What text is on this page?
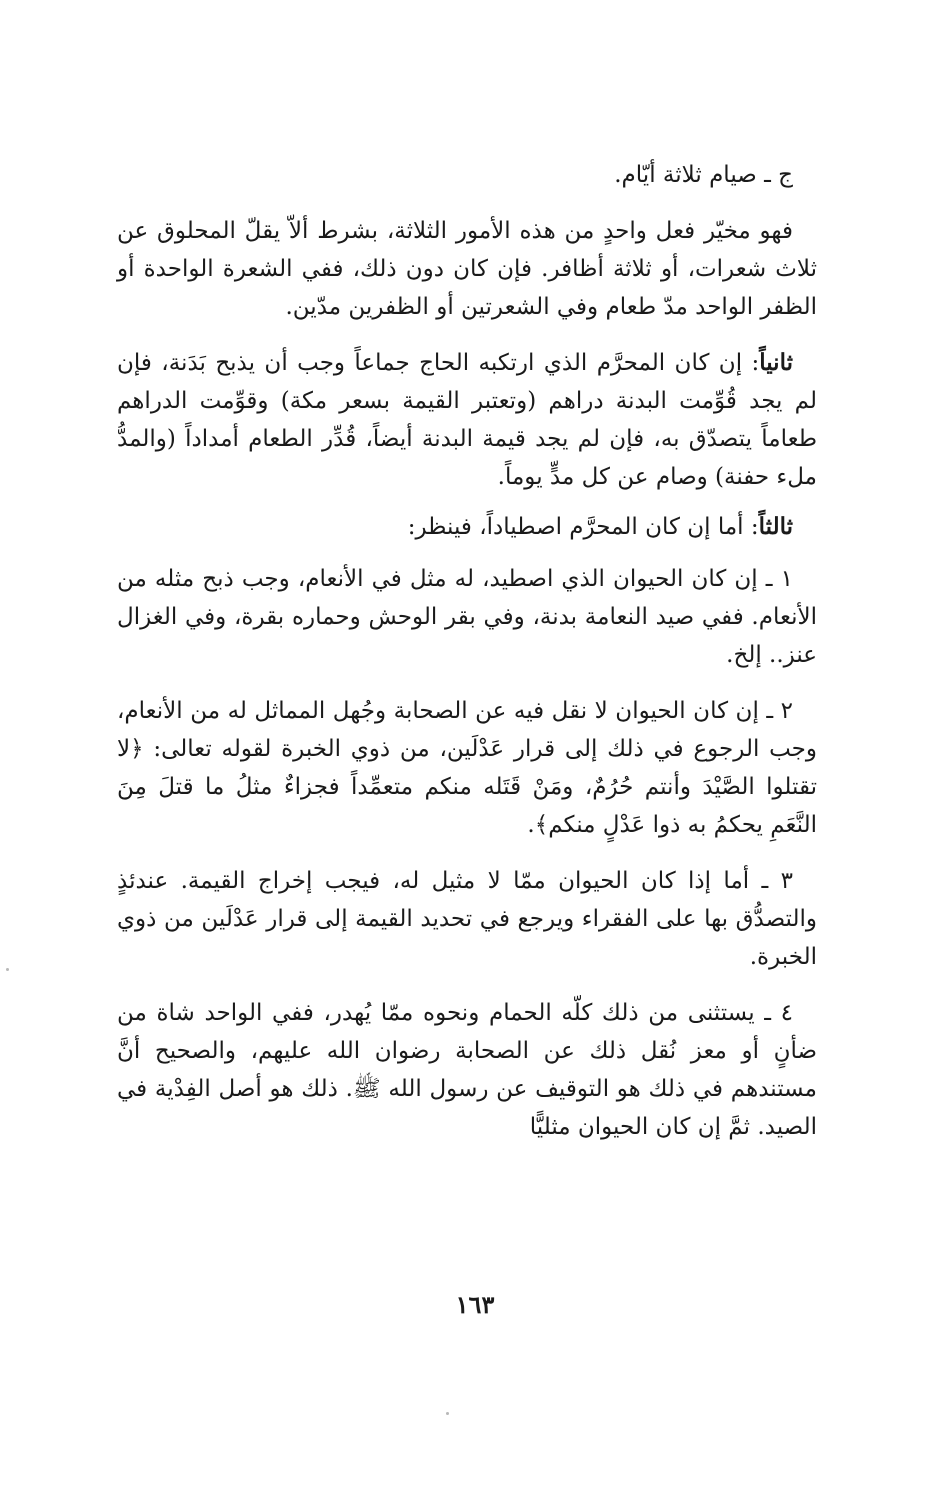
ج ـ صيام ثلاثة أيّام.

فهو مخيّر فعل واحدٍ من هذه الأمور الثلاثة، بشرط ألاّ يقلّ المحلوق عن ثلاث شعرات، أو ثلاثة أظافر. فإن كان دون ذلك، ففي الشعرة الواحدة أو الظفر الواحد مدّ طعام وفي الشعرتين أو الظفرين مدّين.

ثانياً: إن كان المحرَّم الذي ارتكبه الحاج جماعاً وجب أن يذبح بَدَنة، فإن لم يجد قُوِّمت البدنة دراهم (وتعتبر القيمة بسعر مكة) وقوِّمت الدراهم طعاماً يتصدّق به، فإن لم يجد قيمة البدنة أيضاً، قُدِّر الطعام أمداداً (والمدُّ ملء حفنة) وصام عن كل مدٍّ يوماً.

ثالثاً: أما إن كان المحرَّم اصطياداً، فينظر:

١ ـ إن كان الحيوان الذي اصطيد، له مثل في الأنعام، وجب ذبح مثله من الأنعام. ففي صيد النعامة بدنة، وفي بقر الوحش وحماره بقرة، وفي الغزال عنز.. إلخ.

٢ ـ إن كان الحيوان لا نقل فيه عن الصحابة وجُهل المماثل له من الأنعام، وجب الرجوع في ذلك إلى قرار عَدْلَين، من ذوي الخبرة لقوله تعالى: ﴿لا تقتلوا الصَّيْدَ وأنتم حُرُمٌ، ومَنْ قَتَله منكم متعمِّداً فجزاءٌ مثلُ ما قتلَ مِنَ النَّعَمِ يحكمُ به ذوا عَدْلٍ منكم﴾.

٣ ـ أما إذا كان الحيوان ممّا لا مثيل له، فيجب إخراج القيمة. عندئذٍ والتصدُّق بها على الفقراء ويرجع في تحديد القيمة إلى قرار عَدْلَين من ذوي الخبرة.

٤ ـ يستثنى من ذلك كلّه الحمام ونحوه ممّا يُهدر، ففي الواحد شاة من ضأنٍ أو معز نُقل ذلك عن الصحابة رضوان الله عليهم، والصحيح أنَّ مستندهم في ذلك هو التوقيف عن رسول الله ﷺ. ذلك هو أصل الفِدْية في الصيد. ثمَّ إن كان الحيوان مثليًّا

١٦٣
